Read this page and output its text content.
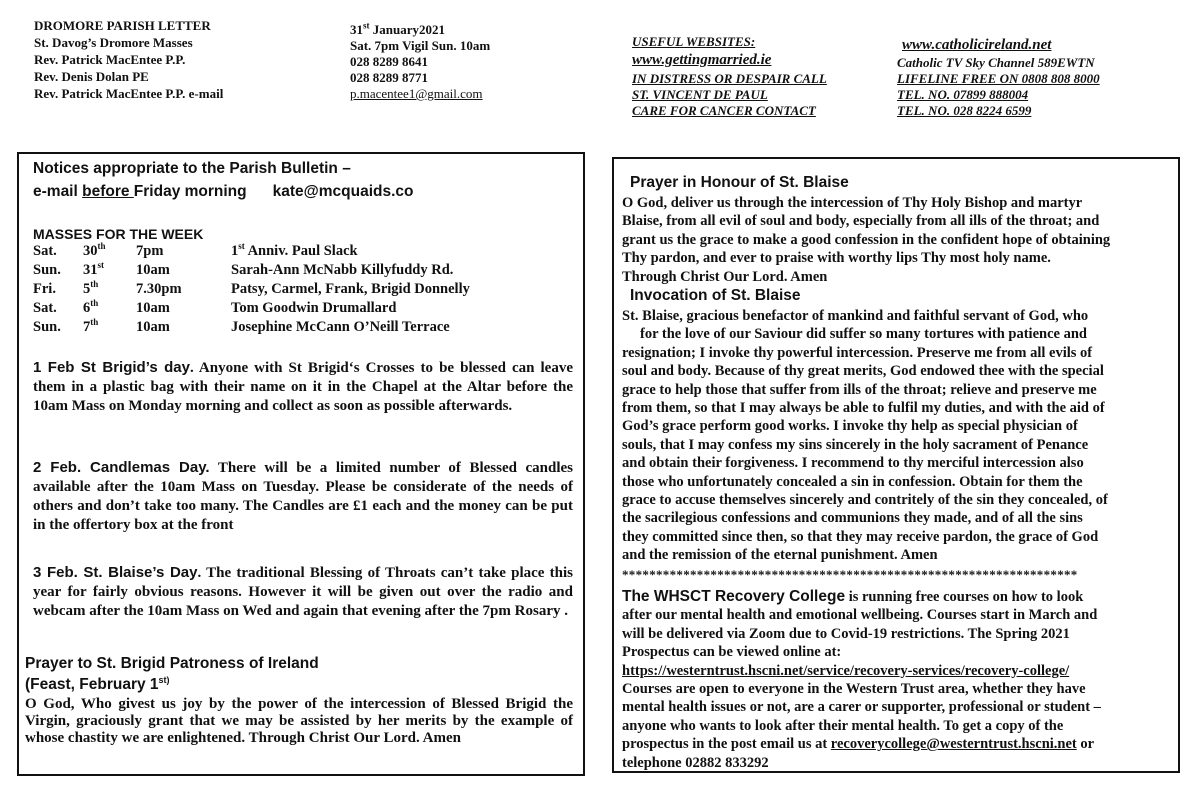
DROMORE PARISH LETTER
St. Davog’s Dromore Masses
Rev. Patrick MacEntee P.P.
Rev. Denis Dolan PE
Rev. Patrick MacEntee P.P. e-mail
31st January2021
Sat. 7pm Vigil Sun. 10am
028 8289 8641
028 8289 8771
p.macentee1@gmail.com
USEFUL WEBSITES:	www.catholicireland.net
www.gettingmarried.ie	Catholic TV Sky Channel 589EWTN
IN DISTRESS OR DESPAIR CALL	LIFELINE FREE ON 0808 808 8000
ST. VINCENT DE PAUL	TEL. NO. 07899 888004
CARE FOR CANCER CONTACT	TEL. NO. 028 8224 6599
Notices appropriate to the Parish Bulletin –
e-mail before Friday morning kate@mcquaids.co
MASSES FOR THE WEEK
Sat. 30th 7pm	1st Anniv. Paul Slack
Sun. 31st 10am	Sarah-Ann McNabb Killyfuddy Rd.
Fri. 5th	7.30pm	Patsy, Carmel, Frank, Brigid Donnelly
Sat. 6th	10am	Tom Goodwin Drumallard
Sun. 7th	10am	Josephine McCann O’Neill Terrace
1 Feb St Brigid’s day. Anyone with St Brigid‘s Crosses to be blessed can leave them in a plastic bag with their name on it in the Chapel at the Altar before the 10am Mass on Monday morning and collect as soon as possible afterwards.
2 Feb. Candlemas Day. There will be a limited number of Blessed candles available after the 10am Mass on Tuesday. Please be considerate of the needs of others and don’t take too many. The Candles are £1 each and the money can be put in the offertory box at the front
3 Feb. St. Blaise’s Day. The traditional Blessing of Throats can’t take place this year for fairly obvious reasons. However it will be given out over the radio and webcam after the 10am Mass on Wed and again that evening after the 7pm Rosary .
Prayer to St. Brigid Patroness of Ireland
(Feast, February $1^{st)}$
O God, Who givest us joy by the power of the intercession of Blessed Brigid the Virgin, graciously grant that we may be assisted by her merits by the example of whose chastity we are enlightened. Through Christ Our Lord. Amen
Prayer in Honour of St. Blaise
O God, deliver us through the intercession of Thy Holy Bishop and martyr
Blaise, from all evil of soul and body, especially from all ills of the throat; and
grant us the grace to make a good confession in the confident hope of obtaining
Thy pardon, and ever to praise with worthy lips Thy most holy name.
Through Christ Our Lord. Amen
Invocation of St. Blaise
St. Blaise, gracious benefactor of mankind and faithful servant of God, who
for the love of our Saviour did suffer so many tortures with patience and
resignation; I invoke thy powerful intercession. Preserve me from all evils of
soul and body. Because of thy great merits, God endowed thee with the special
grace to help those that suffer from ills of the throat; relieve and preserve me
from them, so that I may always be able to fulfil my duties, and with the aid of
God’s grace perform good works. I invoke thy help as special physician of
souls, that I may confess my sins sincerely in the holy sacrament of Penance
and obtain their forgiveness. I recommend to thy merciful intercession also
those who unfortunately concealed a sin in confession. Obtain for them the
grace to accuse themselves sincerely and contritely of the sin they concealed, of
the sacrilegious confessions and communions they made, and of all the sins
they committed since then, so that they may receive pardon, the grace of God
and the remission of the eternal punishment. Amen
*******************************************************************
The WHSCT Recovery College is running free courses on how to look
after our mental health and emotional wellbeing. Courses start in March and
will be delivered via Zoom due to Covid-19 restrictions. The Spring 2021
Prospectus can be viewed online at:
https://westerntrust.hscni.net/service/recovery-services/recovery-college/
Courses are open to everyone in the Western Trust area, whether they have
mental health issues or not, are a carer or supporter, professional or student –
anyone who wants to look after their mental health. To get a copy of the
prospectus in the post email us at recoverycollege@westerntrust.hscni.net or
telephone 02882 833292
